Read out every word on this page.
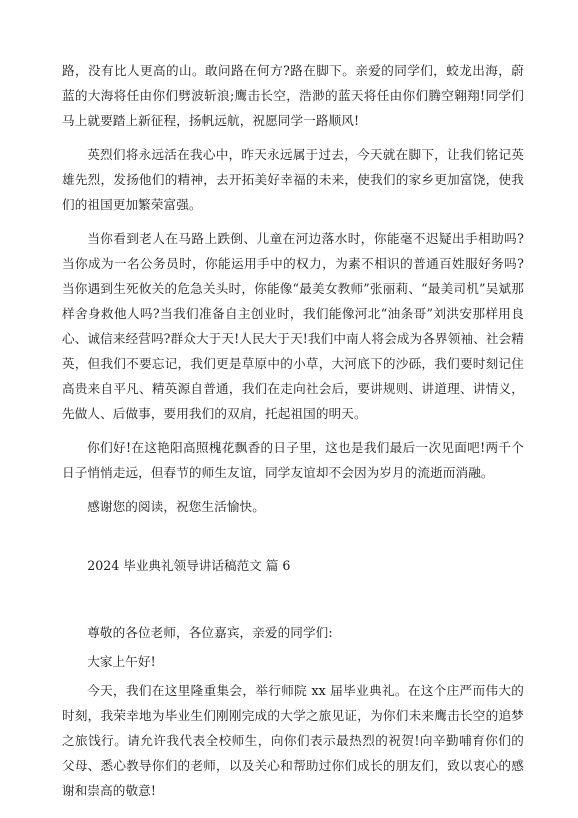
路，没有比人更高的山。敢问路在何方?路在脚下。亲爱的同学们，蛟龙出海，蔚蓝的大海将任由你们劈波斩浪;鹰击长空，浩渺的蓝天将任由你们腾空翱翔!同学们马上就要踏上新征程，扬帆远航，祝愿同学一路顺风!

英烈们将永远活在我心中，昨天永远属于过去，今天就在脚下，让我们铭记英雄先烈，发扬他们的精神，去开拓美好幸福的未来，使我们的家乡更加富饶，使我们的祖国更加繁荣富强。

当你看到老人在马路上跌倒、儿童在河边落水时，你能毫不迟疑出手相助吗?当你成为一名公务员时，你能运用手中的权力，为素不相识的普通百姓服好务吗?当你遇到生死攸关的危急关头时，你能像“最美女教师”张丽莉、“最美司机”吴斌那样舍身救他人吗?当我们准备自主创业时，我们能像河北“油条哥”刘洪安那样用良心、诚信来经营吗?群众大于天!人民大于天!我们中南人将会成为各界领袖、社会精英，但我们不要忘记，我们更是草原中的小草，大河底下的沙砾，我们要时刻记住高贵来自平凡、精英源自普通，我们在走向社会后，要讲规则、讲道理、讲情义，先做人、后做事，要用我们的双肩，托起祖国的明天。

你们好!在这艳阳高照槐花飘香的日子里，这也是我们最后一次见面吧!两千个日子悄悄走远，但春节的师生友谊，同学友谊却不会因为岁月的流逝而消融。

感谢您的阅读，祝您生活愉快。

2024 毕业典礼领导讲话稿范文 篇 6

尊敬的各位老师，各位嘉宾，亲爱的同学们:

大家上午好!

今天，我们在这里隆重集会，举行师院 xx 届毕业典礼。在这个庄严而伟大的时刻，我荣幸地为毕业生们刚刚完成的大学之旅见证，为你们未来鹰击长空的追梦之旅饯行。请允许我代表全校师生，向你们表示最热烈的祝贺!向辛勤哺育你们的父母、悉心教导你们的老师，以及关心和帮助过你们成长的朋友们，致以衷心的感谢和崇高的敬意!
